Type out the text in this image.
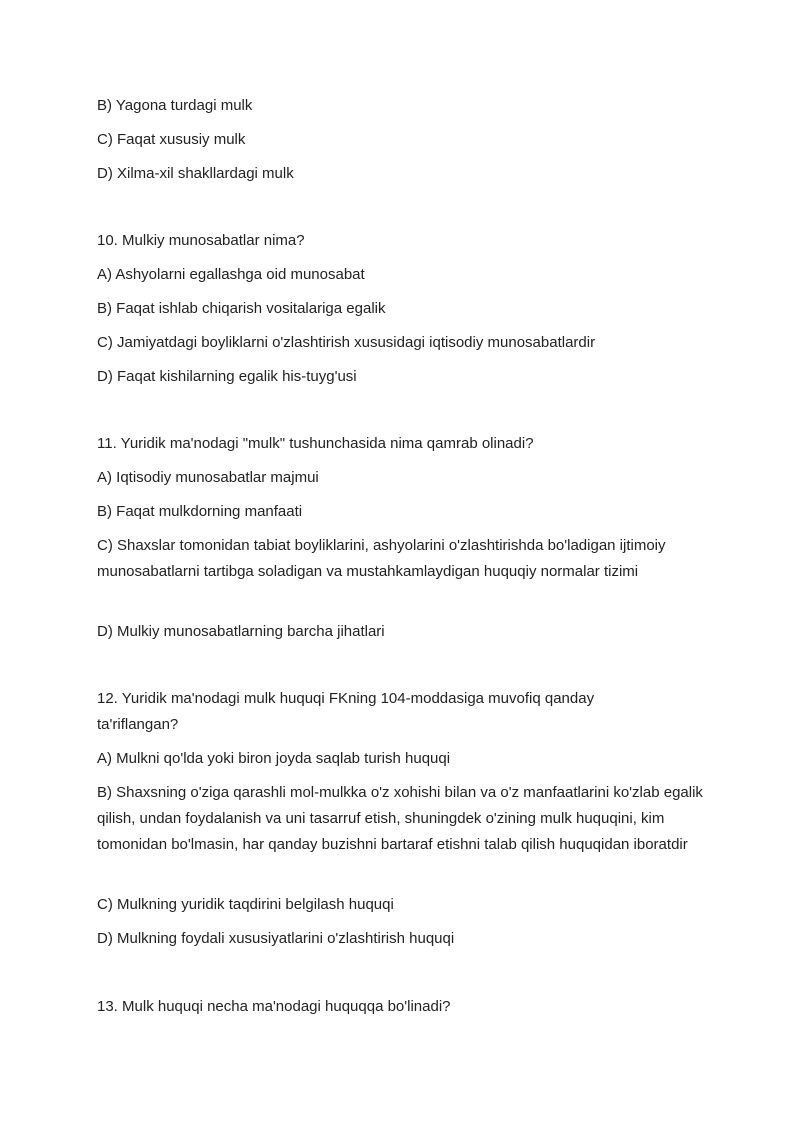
B) Yagona turdagi mulk
C) Faqat xususiy mulk
D) Xilma-xil shakllardagi mulk
10. Mulkiy munosabatlar nima?
A) Ashyolarni egallashga oid munosabat
B) Faqat ishlab chiqarish vositalariga egalik
C) Jamiyatdagi boyliklarni o'zlashtirish xususidagi iqtisodiy munosabatlardir
D) Faqat kishilarning egalik his-tuyg'usi
11. Yuridik ma'nodagi "mulk" tushunchasida nima qamrab olinadi?
A) Iqtisodiy munosabatlar majmui
B) Faqat mulkdorning manfaati
C) Shaxslar tomonidan tabiat boyliklarini, ashyolarini o'zlashtirishda bo'ladigan ijtimoiy munosabatlarni tartibga soladigan va mustahkamlaydigan huquqiy normalar tizimi
D) Mulkiy munosabatlarning barcha jihatlari
12. Yuridik ma'nodagi mulk huquqi FKning 104-moddasiga muvofiq qanday ta'riflangan?
A) Mulkni qo'lda yoki biron joyda saqlab turish huquqi
B) Shaxsning o'ziga qarashli mol-mulkka o'z xohishi bilan va o'z manfaatlarini ko'zlab egalik qilish, undan foydalanish va uni tasarruf etish, shuningdek o'zining mulk huquqini, kim tomonidan bo'lmasin, har qanday buzishni bartaraf etishni talab qilish huquqidan iboratdir
C) Mulkning yuridik taqdirini belgilash huquqi
D) Mulkning foydali xususiyatlarini o'zlashtirish huquqi
13. Mulk huquqi necha ma'nodagi huquqqa bo'linadi?
